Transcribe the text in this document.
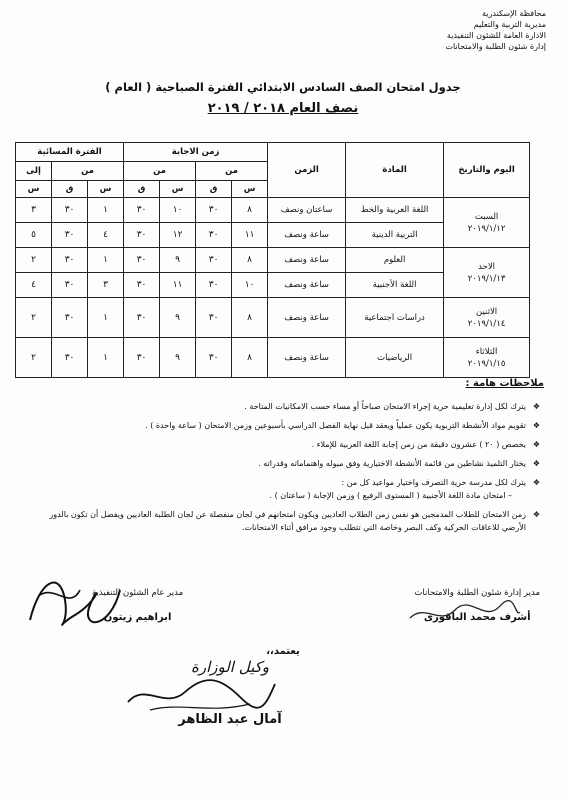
محافظة الإسكندرية
مديرية التربية والتعليم
الادارة العامة للشئون التنفيذية
إدارة شئون الطلبة والامتحانات
جدول امتحان الصف السادس الابتدائي الفترة الصباحية ( العام )
نصف العام ٢٠١٨ / ٢٠١٩
اليوم والتاريخ	المادة	الزمن	زمن الاجابة				الفترة المسائية		
			من		من		من		إلى
			س	ق	س	ق	س	ق	س

السبت
٢٠١٩/١/١٢	اللغة العربية والخط	ساعتان ونصف	٨	٣٠	١٠	٣٠	١	٣٠	٣
	التربية الدينية	ساعة ونصف	١١	٣٠	١٢	٣٠	٤	٣٠	٥

الاحد
٢٠١٩/١/١٣	العلوم	ساعة ونصف	٨	٣٠	٩	٣٠	١	٣٠	٢
	اللغة الأجنبية	ساعة ونصف	١٠	٣٠	١١	٣٠	٣	٣٠	٤

الاثنين
٢٠١٩/١/١٤	دراسات اجتماعية	ساعة ونصف	٨	٣٠	٩	٣٠	١	٣٠	٢

الثلاثاء
٢٠١٩/١/١٥	الرياضيات	ساعة ونصف	٨	٣٠	٩	٣٠	١	٣٠	٢
ملاحظات هامة :
❖
يترك لكل إدارة تعليمية حرية إجراء الامتحان صباحاً أو مساء حسب الامكانيات المتاحة .
❖
تقويم مواد الأنشطة التربوية يكون عملياً ويعقد قبل نهاية الفصل الدراسي بأسبوعين وزمن الامتحان ( ساعة واحدة ) .
❖
يخصص ( ٢٠ ) عشرون دقيقة من زمن إجابة اللغة العربية للإملاء .
❖
يختار التلميذ نشاطين من قائمة الأنشطة الاختيارية وفق ميوله واهتماماته وقدراته .
❖
يترك لكل مدرسة حرية التصرف واختيار مواعيد كل من :
– امتحان مادة اللغة الأجنبية ( المستوى الرفيع ) وزمن الإجابة ( ساعتان ) .
❖
زمن الامتحان للطلاب المدمجين هو نفس زمن الطلاب العاديين ويكون امتحانهم في لجان منفصلة عن لجان الطلبة العاديين ويفضل أن تكون بالدور الأرضي للاعاقات الحركية وكف البصر وخاصة التي تتطلب وجود مرافق أثناء الامتحانات.
مدير إدارة شئون الطلبة والامتحانات
أشرف محمد الباقورى
مدير عام الشئون التنفيذية
ابراهيم زيتون
يعتمد،،
وكيل الوزارة
آمال عبد الظاهر
